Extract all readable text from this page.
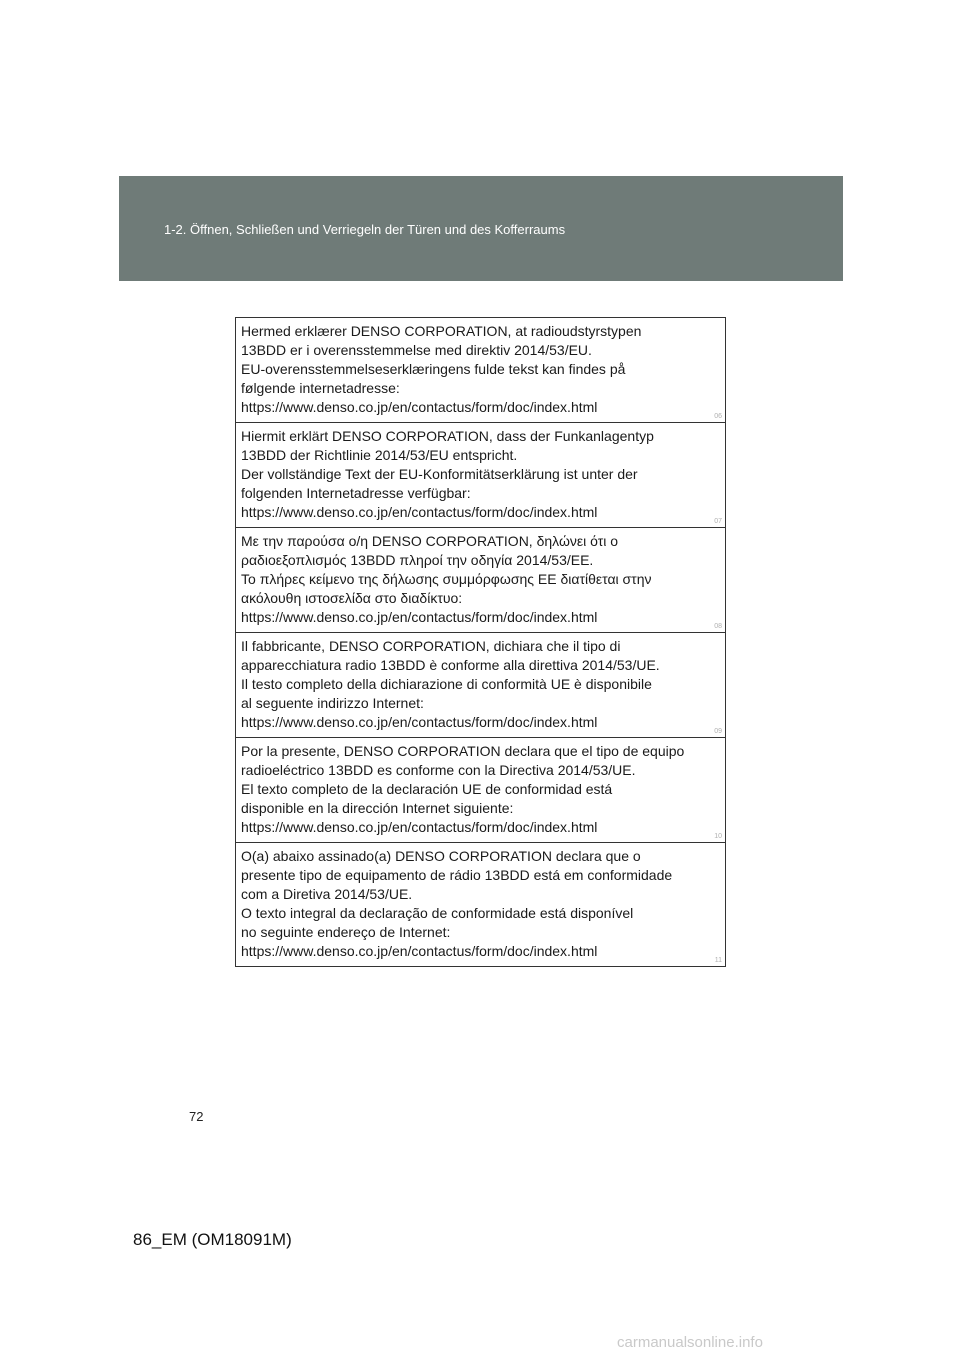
1-2. Öffnen, Schließen und Verriegeln der Türen und des Kofferraums
Hermed erklærer DENSO CORPORATION, at radioudstyrstypen
13BDD er i overensstemmelse med direktiv 2014/53/EU.
EU-overensstemmelseserklæringens fulde tekst kan findes på
følgende internetadresse:
https://www.denso.co.jp/en/contactus/form/doc/index.html
06
Hiermit erklärt DENSO CORPORATION, dass der Funkanlagentyp
13BDD der Richtlinie 2014/53/EU entspricht.
Der vollständige Text der EU-Konformitätserklärung ist unter der
folgenden Internetadresse verfügbar:
https://www.denso.co.jp/en/contactus/form/doc/index.html
07
Με την παρούσα ο/η DENSO CORPORATION, δηλώνει ότι ο
ραδιοεξοπλισμός 13BDD πληροί την οδηγία 2014/53/ΕΕ.
Το πλήρες κείμενο της δήλωσης συμμόρφωσης ΕΕ διατίθεται στην
ακόλουθη ιστοσελίδα στο διαδίκτυο:
https://www.denso.co.jp/en/contactus/form/doc/index.html
08
Il fabbricante, DENSO CORPORATION, dichiara che il tipo di
apparecchiatura radio 13BDD è conforme alla direttiva 2014/53/UE.
Il testo completo della dichiarazione di conformità UE è disponibile
al seguente indirizzo Internet:
https://www.denso.co.jp/en/contactus/form/doc/index.html
09
Por la presente, DENSO CORPORATION declara que el tipo de equipo
radioeléctrico 13BDD es conforme con la Directiva 2014/53/UE.
El texto completo de la declaración UE de conformidad está
disponible en la dirección Internet siguiente:
https://www.denso.co.jp/en/contactus/form/doc/index.html
10
O(a) abaixo assinado(a) DENSO CORPORATION declara que o
presente tipo de equipamento de rádio 13BDD está em conformidade
com a Diretiva 2014/53/UE.
O texto integral da declaração de conformidade está disponível
no seguinte endereço de Internet:
https://www.denso.co.jp/en/contactus/form/doc/index.html
11
72
86_EM (OM18091M)
carmanualsonline.info
